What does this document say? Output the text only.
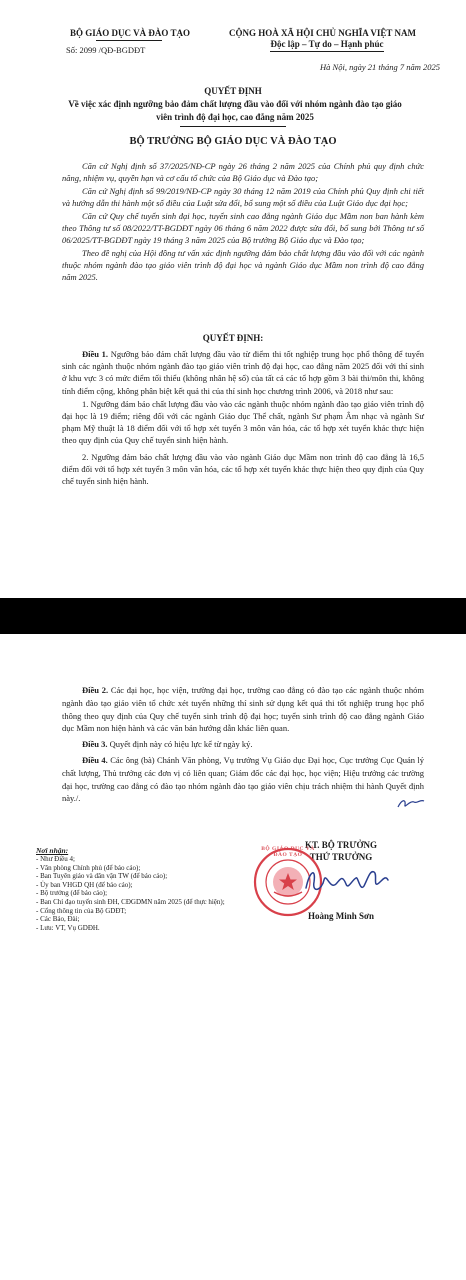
BỘ GIÁO DỤC VÀ ĐÀO TẠO
Số: 2099 /QĐ-BGDĐT
CỘNG HOÀ XÃ HỘI CHỦ NGHĨA VIỆT NAM
Độc lập – Tự do – Hạnh phúc
Hà Nội, ngày 21 tháng 7 năm 2025
QUYẾT ĐỊNH
Về việc xác định ngưỡng bảo đảm chất lượng đầu vào đối với nhóm ngành đào tạo giáo viên trình độ đại học, cao đẳng năm 2025
BỘ TRƯỞNG BỘ GIÁO DỤC VÀ ĐÀO TẠO

Căn cứ Nghị định số 37/2025/NĐ-CP ngày 26 tháng 2 năm 2025 của Chính phủ quy định chức năng, nhiệm vụ, quyền hạn và cơ cấu tổ chức của Bộ Giáo dục và Đào tạo;

Căn cứ Nghị định số 99/2019/NĐ-CP ngày 30 tháng 12 năm 2019 của Chính phủ Quy định chi tiết và hướng dẫn thi hành một số điều của Luật sửa đổi, bổ sung một số điều của Luật Giáo dục đại học;

Căn cứ Quy chế tuyển sinh đại học, tuyển sinh cao đẳng ngành Giáo dục Mầm non ban hành kèm theo Thông tư số 08/2022/TT-BGDĐT ngày 06 tháng 6 năm 2022 được sửa đổi, bổ sung bởi Thông tư số 06/2025/TT-BGDĐT ngày 19 tháng 3 năm 2025 của Bộ trưởng Bộ Giáo dục và Đào tạo;

Theo đề nghị của Hội đồng tư vấn xác định ngưỡng đảm bảo chất lượng đầu vào đối với các ngành thuộc nhóm ngành đào tạo giáo viên trình độ đại học và ngành Giáo dục Mầm non trình độ cao đẳng năm 2025.

QUYẾT ĐỊNH:

Điều 1. Ngưỡng bảo đảm chất lượng đầu vào từ điểm thi tốt nghiệp trung học phổ thông để tuyển sinh các ngành thuộc nhóm ngành đào tạo giáo viên trình độ đại học, cao đẳng năm 2025 đối với thí sinh ở khu vực 3 có mức điểm tối thiểu (không nhân hệ số) của tất cả các tổ hợp gồm 3 bài thi/môn thi, không tính điểm cộng, không phân biệt kết quả thi của thí sinh học chương trình 2006, và 2018 như sau:

1. Ngưỡng đảm bảo chất lượng đầu vào vào các ngành thuộc nhóm ngành đào tạo giáo viên trình độ đại học là 19 điểm; riêng đối với các ngành Giáo dục Thể chất, ngành Sư phạm Âm nhạc và ngành Sư phạm Mỹ thuật là 18 điểm đối với tổ hợp xét tuyển 3 môn văn hóa, các tổ hợp xét tuyển khác thực hiện theo quy định của Quy chế tuyển sinh hiện hành.

2. Ngưỡng đảm bảo chất lượng đầu vào vào ngành Giáo dục Mầm non trình độ cao đẳng là 16,5 điểm đối với tổ hợp xét tuyển 3 môn văn hóa, các tổ hợp xét tuyển khác thực hiện theo quy định của Quy chế tuyển sinh hiện hành.

Điều 2. Các đại học, học viện, trường đại học, trường cao đẳng có đào tạo các ngành thuộc nhóm ngành đào tạo giáo viên tổ chức xét tuyển những thí sinh sử dụng kết quả thi tốt nghiệp trung học phổ thông theo quy định của Quy chế tuyển sinh trình độ đại học; tuyển sinh trình độ cao đẳng ngành Giáo dục Mầm non hiện hành và các văn bản hướng dẫn khác liên quan.

Điều 3. Quyết định này có hiệu lực kể từ ngày ký.

Điều 4. Các ông (bà) Chánh Văn phòng, Vụ trưởng Vụ Giáo dục Đại học, Cục trưởng Cục Quản lý chất lượng, Thủ trưởng các đơn vị có liên quan; Giám đốc các đại học, học viện; Hiệu trưởng các trường đại học, trường cao đẳng có đào tạo nhóm ngành đào tạo giáo viên chịu trách nhiệm thi hành Quyết định này./.

Nơi nhận:
- Như Điều 4;
- Văn phòng Chính phủ (để báo cáo);
- Ban Tuyên giáo và dân vận TW (để báo cáo);
- Ủy ban VHGD QH (để báo cáo);
- Bộ trưởng (để báo cáo);
- Ban Chỉ đạo tuyển sinh ĐH, CĐGDMN năm 2025 (để thực hiện);
- Cổng thông tin của Bộ GDĐT;
- Các Báo, Đài;
- Lưu: VT, Vụ GDĐH.
KT. BỘ TRƯỞNG
THỨ TRƯỞNG
BỘ GIÁO DỤC VÀ ĐÀO TẠO
Hoàng Minh Sơn
